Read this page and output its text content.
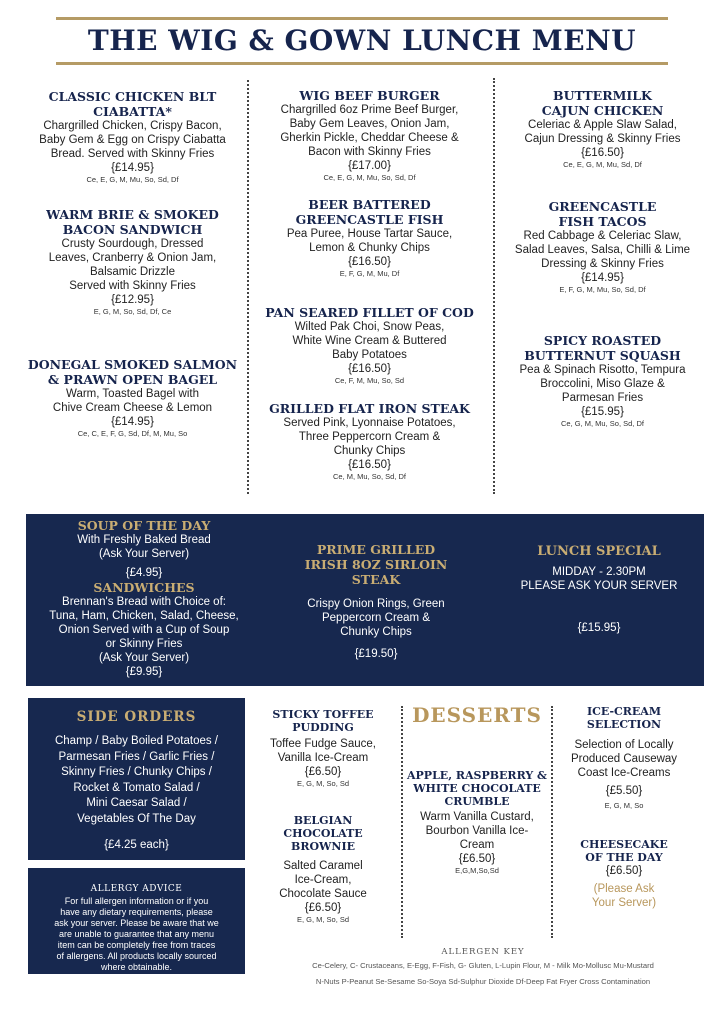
THE WIG & GOWN LUNCH MENU
CLASSIC CHICKEN BLT
CIABATTA*
Chargrilled Chicken, Crispy Bacon,
Baby Gem & Egg on Crispy Ciabatta
Bread. Served with Skinny Fries
{£14.95}
Ce, E, G, M, Mu, So, Sd, Df
WARM BRIE & SMOKED
BACON SANDWICH
Crusty Sourdough, Dressed
Leaves, Cranberry & Onion Jam,
Balsamic Drizzle
Served with Skinny Fries
{£12.95}
E, G, M, So, Sd, Df, Ce
DONEGAL SMOKED SALMON
& PRAWN OPEN BAGEL
Warm, Toasted Bagel with
Chive Cream Cheese & Lemon
{£14.95}
Ce, C, E, F, G, Sd, Df, M, Mu, So
WIG BEEF BURGER
Chargrilled 6oz Prime Beef Burger,
Baby Gem Leaves, Onion Jam,
Gherkin Pickle, Cheddar Cheese &
Bacon with Skinny Fries
{£17.00}
Ce, E, G, M, Mu, So, Sd, Df
BEER BATTERED
GREENCASTLE FISH
Pea Puree, House Tartar Sauce,
Lemon & Chunky Chips
{£16.50}
E, F, G, M, Mu, Df
PAN SEARED FILLET OF COD
Wilted Pak Choi, Snow Peas,
White Wine Cream & Buttered
Baby Potatoes
{£16.50}
Ce, F, M, Mu, So, Sd
GRILLED FLAT IRON STEAK
Served Pink, Lyonnaise Potatoes,
Three Peppercorn Cream &
Chunky Chips
{£16.50}
Ce, M, Mu, So, Sd, Df
BUTTERMILK
CAJUN CHICKEN
Celeriac & Apple Slaw Salad,
Cajun Dressing & Skinny Fries
{£16.50}
Ce, E, G, M, Mu, Sd, Df
GREENCASTLE
FISH TACOS
Red Cabbage & Celeriac Slaw,
Salad Leaves, Salsa, Chilli & Lime
Dressing & Skinny Fries
{£14.95}
E, F, G, M, Mu, So, Sd, Df
SPICY ROASTED
BUTTERNUT SQUASH
Pea & Spinach Risotto, Tempura
Broccolini, Miso Glaze &
Parmesan Fries
{£15.95}
Ce, G, M, Mu, So, Sd, Df
SOUP OF THE DAY
With Freshly Baked Bread
(Ask Your Server)
{£4.95}
SANDWICHES
Brennan's Bread with Choice of:
Tuna, Ham, Chicken, Salad, Cheese,
Onion Served with a Cup of Soup
or Skinny Fries
(Ask Your Server)
{£9.95}
PRIME GRILLED
IRISH 8OZ SIRLOIN
STEAK
Crispy Onion Rings, Green
Peppercorn Cream &
Chunky Chips
{£19.50}
LUNCH SPECIAL
MIDDAY - 2.30PM
PLEASE ASK YOUR SERVER
{£15.95}
SIDE ORDERS
Champ / Baby Boiled Potatoes /
Parmesan Fries / Garlic Fries /
Skinny Fries / Chunky Chips /
Rocket & Tomato Salad /
Mini Caesar Salad /
Vegetables Of The Day
{£4.25 each}
ALLERGY ADVICE
For full allergen information or if you
have any dietary requirements, please
ask your server. Please be aware that we
are unable to guarantee that any menu
item can be completely free from traces
of allergens. All products locally sourced
where obtainable.
STICKY TOFFEE
PUDDING
Toffee Fudge Sauce,
Vanilla Ice-Cream
{£6.50}
E, G, M, So, Sd
BELGIAN
CHOCOLATE
BROWNIE
Salted Caramel
Ice-Cream,
Chocolate Sauce
{£6.50}
E, G, M, So, Sd
DESSERTS
APPLE, RASPBERRY &
WHITE CHOCOLATE
CRUMBLE
Warm Vanilla Custard,
Bourbon Vanilla Ice-
Cream
{£6.50}
E,G,M,So,Sd
ICE-CREAM
SELECTION
Selection of Locally
Produced Causeway
Coast Ice-Creams
{£5.50}
E, G, M, So
CHEESECAKE
OF THE DAY
{£6.50}
(Please Ask
Your Server)
ALLERGEN KEY
Ce-Celery, C- Crustaceans, E-Egg, F-Fish, G- Gluten, L-Lupin Flour, M - Milk Mo-Mollusc Mu-Mustard
N-Nuts P-Peanut Se-Sesame So-Soya Sd-Sulphur Dioxide Df-Deep Fat Fryer Cross Contamination
